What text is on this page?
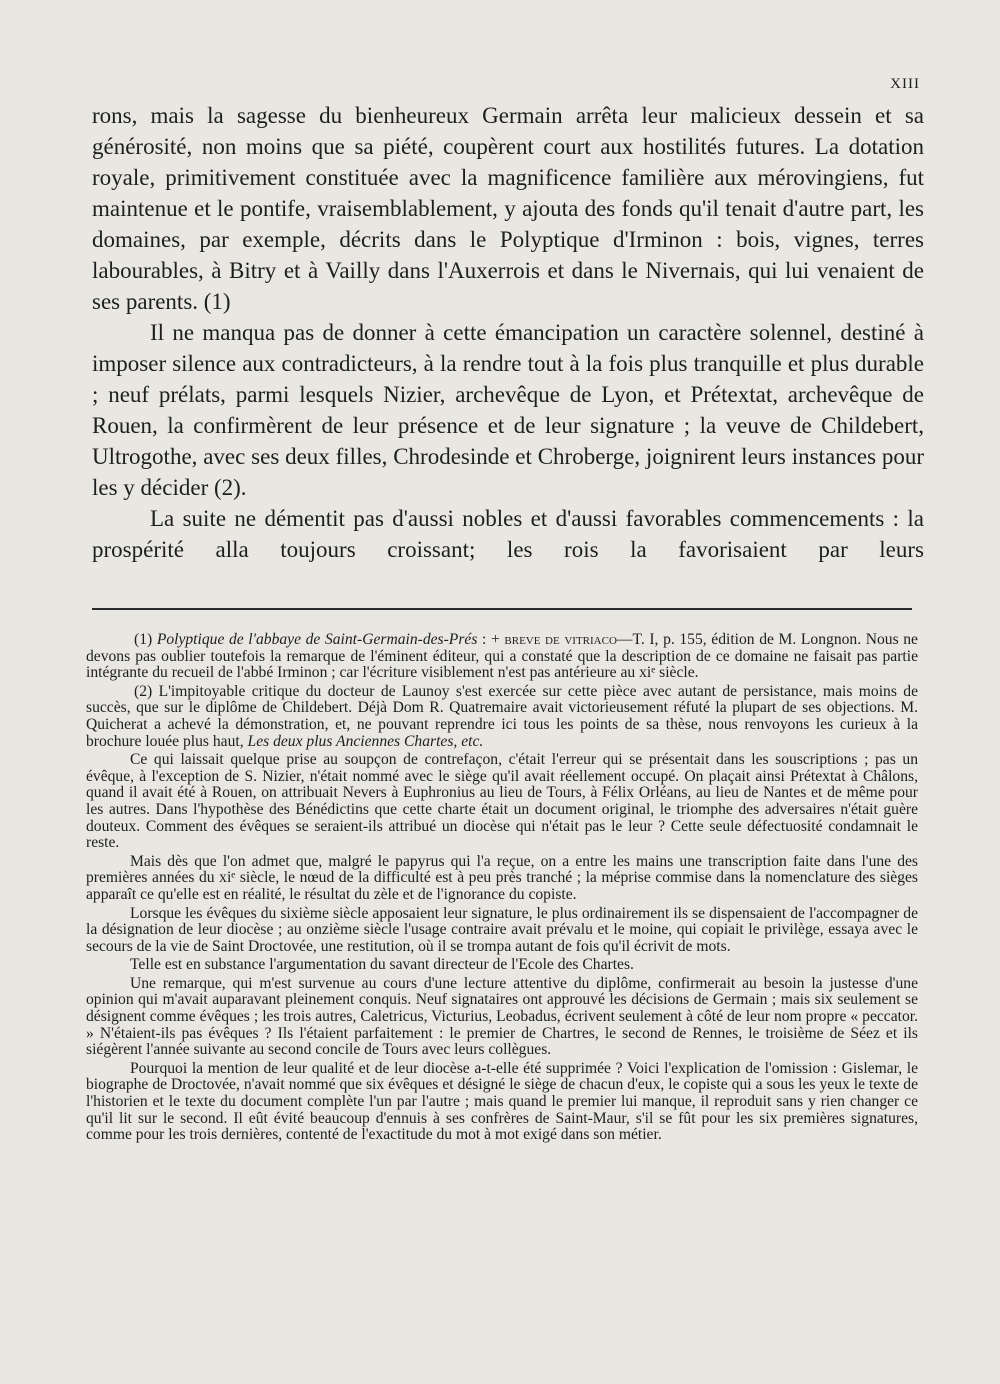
XIII

rons, mais la sagesse du bienheureux Germain arrêta leur malicieux dessein et sa générosité, non moins que sa piété, coupèrent court aux hostilités futures. La dotation royale, primitivement constituée avec la magnificence familière aux mérovingiens, fut maintenue et le pontife, vraisemblablement, y ajouta des fonds qu'il tenait d'autre part, les domaines, par exemple, décrits dans le Polyptique d'Irminon : bois, vignes, terres labourables, à Bitry et à Vailly dans l'Auxerrois et dans le Nivernais, qui lui venaient de ses parents. (1)

Il ne manqua pas de donner à cette émancipation un caractère solennel, destiné à imposer silence aux contradicteurs, à la rendre tout à la fois plus tranquille et plus durable ; neuf prélats, parmi lesquels Nizier, archevêque de Lyon, et Prétextat, archevêque de Rouen, la confirmèrent de leur présence et de leur signature ; la veuve de Childebert, Ultrogothe, avec ses deux filles, Chrodesinde et Chroberge, joignirent leurs instances pour les y décider (2).

La suite ne démentit pas d'aussi nobles et d'aussi favorables commencements : la prospérité alla toujours croissant; les rois la favorisaient par leurs

(1) Polyptique de l'abbaye de Saint-Germain-des-Prés : + breve de vitriaco—T. I, p. 155, édition de M. Longnon. Nous ne devons pas oublier toutefois la remarque de l'éminent éditeur, qui a constaté que la description de ce domaine ne faisait pas partie intégrante du recueil de l'abbé Irminon ; car l'écriture visiblement n'est pas antérieure au xiᵉ siècle.

(2) L'impitoyable critique du docteur de Launoy s'est exercée sur cette pièce avec autant de persistance, mais moins de succès, que sur le diplôme de Childebert. Déjà Dom R. Quatremaire avait victorieusement réfuté la plupart de ses objections. M. Quicherat a achevé la démonstration, et, ne pouvant reprendre ici tous les points de sa thèse, nous renvoyons les curieux à la brochure louée plus haut, Les deux plus Anciennes Chartes, etc.

Ce qui laissait quelque prise au soupçon de contrefaçon, c'était l'erreur qui se présentait dans les souscriptions ; pas un évêque, à l'exception de S. Nizier, n'était nommé avec le siège qu'il avait réellement occupé. On plaçait ainsi Prétextat à Châlons, quand il avait été à Rouen, on attribuait Nevers à Euphronius au lieu de Tours, à Félix Orléans, au lieu de Nantes et de même pour les autres. Dans l'hypothèse des Bénédictins que cette charte était un document original, le triomphe des adversaires n'était guère douteux. Comment des évêques se seraient-ils attribué un diocèse qui n'était pas le leur ? Cette seule défectuosité condamnait le reste.

Mais dès que l'on admet que, malgré le papyrus qui l'a reçue, on a entre les mains une transcription faite dans l'une des premières années du xiᵉ siècle, le nœud de la difficulté est à peu près tranché ; la méprise commise dans la nomenclature des sièges apparaît ce qu'elle est en réalité, le résultat du zèle et de l'ignorance du copiste.

Lorsque les évêques du sixième siècle apposaient leur signature, le plus ordinairement ils se dispensaient de l'accompagner de la désignation de leur diocèse ; au onzième siècle l'usage contraire avait prévalu et le moine, qui copiait le privilège, essaya avec le secours de la vie de Saint Droctovée, une restitution, où il se trompa autant de fois qu'il écrivit de mots.

Telle est en substance l'argumentation du savant directeur de l'Ecole des Chartes.

Une remarque, qui m'est survenue au cours d'une lecture attentive du diplôme, confirmerait au besoin la justesse d'une opinion qui m'avait auparavant pleinement conquis. Neuf signataires ont approuvé les décisions de Germain ; mais six seulement se désignent comme évêques ; les trois autres, Caletricus, Victurius, Leobadus, écrivent seulement à côté de leur nom propre « peccator. » N'étaient-ils pas évêques ? Ils l'étaient parfaitement : le premier de Chartres, le second de Rennes, le troisième de Séez et ils siégèrent l'année suivante au second concile de Tours avec leurs collègues.

Pourquoi la mention de leur qualité et de leur diocèse a-t-elle été supprimée ? Voici l'explication de l'omission : Gislemar, le biographe de Droctovée, n'avait nommé que six évêques et désigné le siège de chacun d'eux, le copiste qui a sous les yeux le texte de l'historien et le texte du document complète l'un par l'autre ; mais quand le premier lui manque, il reproduit sans y rien changer ce qu'il lit sur le second. Il eût évité beaucoup d'ennuis à ses confrères de Saint-Maur, s'il se fût pour les six premières signatures, comme pour les trois dernières, contenté de l'exactitude du mot à mot exigé dans son métier.
